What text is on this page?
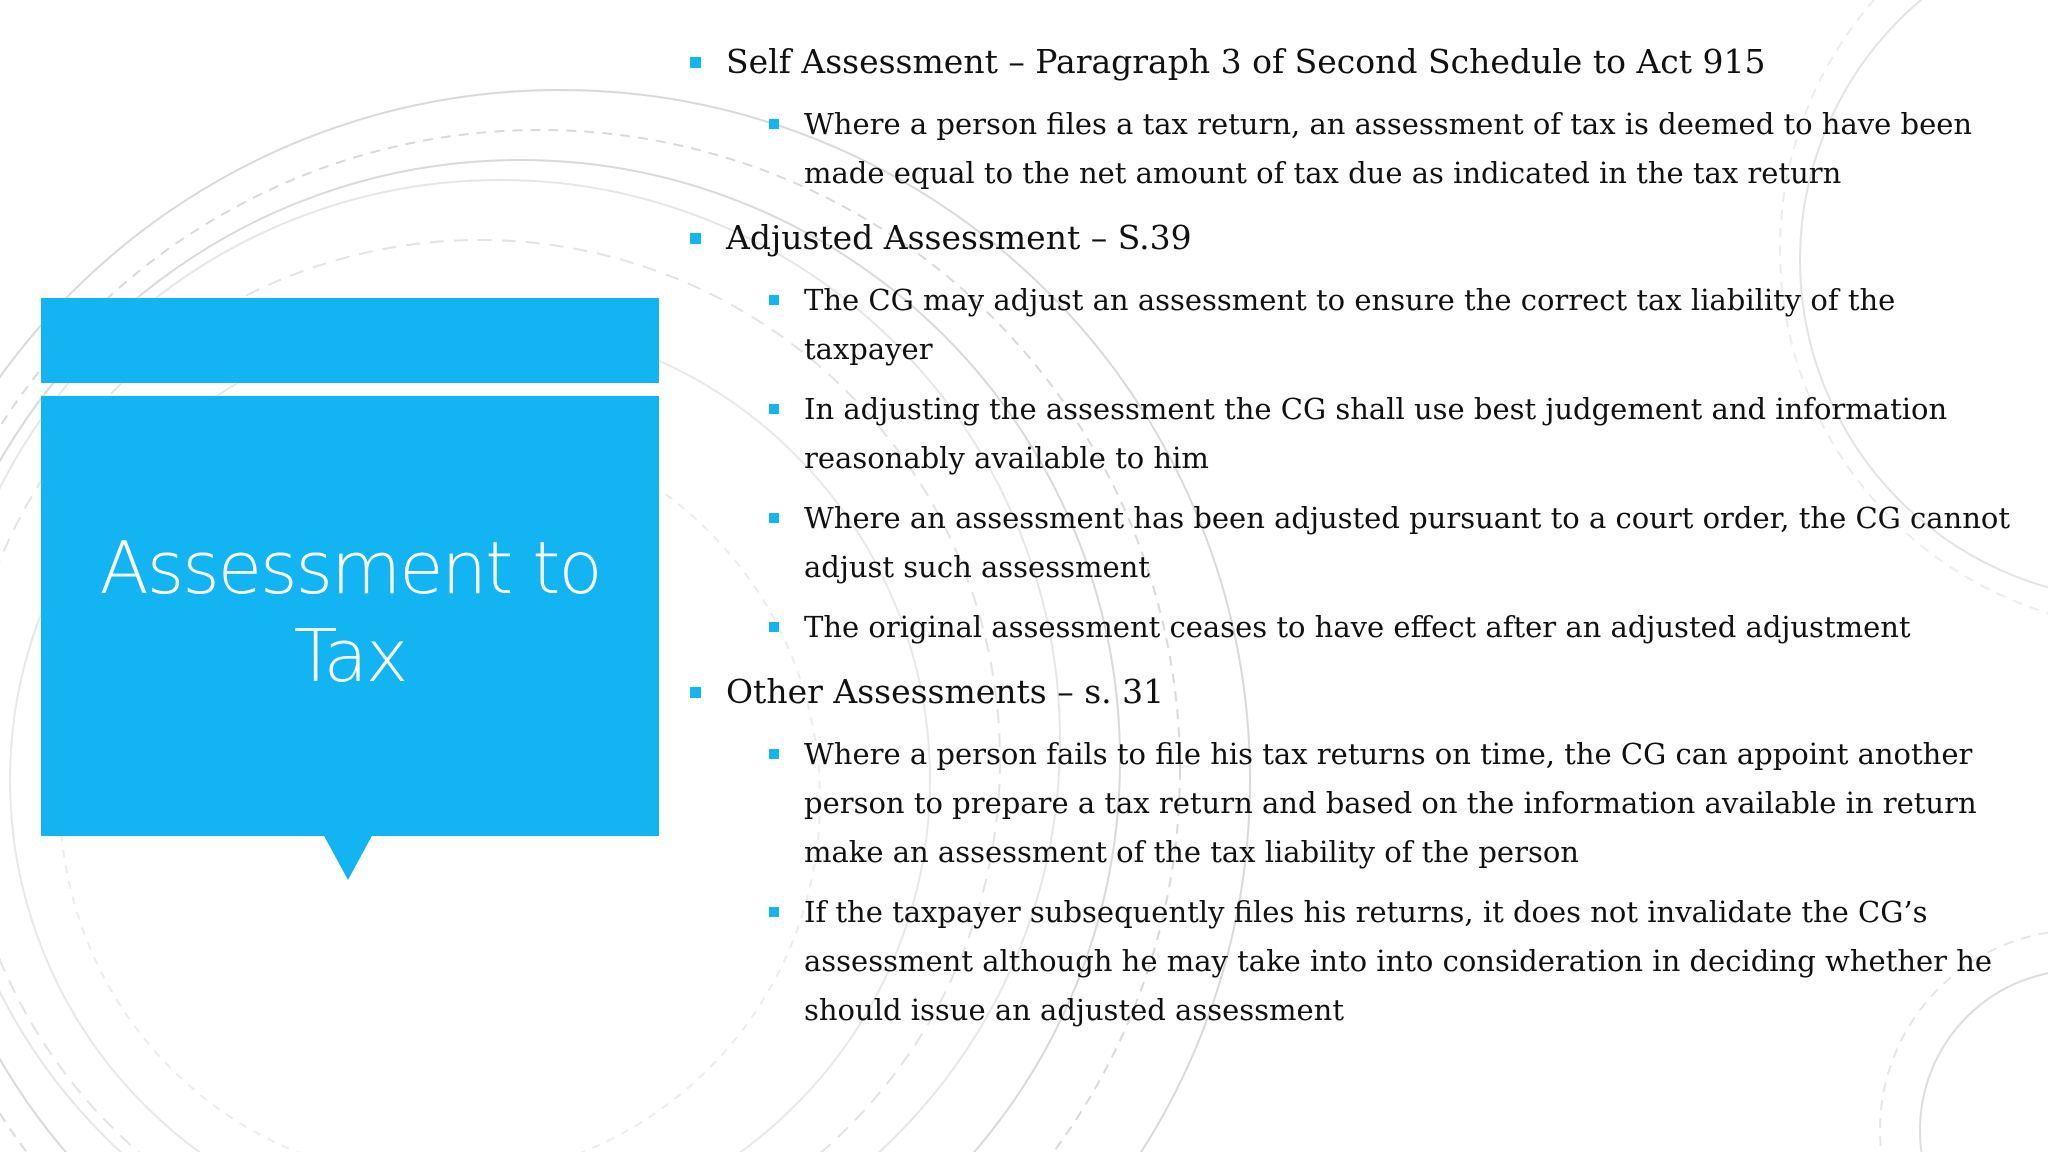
Assessment to
Tax
Self Assessment – Paragraph 3 of Second Schedule to Act 915
Where a person files a tax return, an assessment of tax is deemed to have been made equal to the net amount of tax due as indicated in the tax return
Adjusted Assessment – S.39
The CG may adjust an assessment to ensure the correct tax liability of the taxpayer
In adjusting the assessment the CG shall use best judgement and information reasonably available to him
Where an assessment has been adjusted pursuant to a court order, the CG cannot adjust such assessment
The original assessment ceases to have effect after an adjusted adjustment
Other Assessments – s. 31
Where a person fails to file his tax returns on time, the CG can appoint another person to prepare a tax return and based on the information available in return make an assessment of the tax liability of the person
If the taxpayer subsequently files his returns, it does not invalidate the CG’s assessment although he may take into into consideration in deciding whether he should issue an adjusted assessment
